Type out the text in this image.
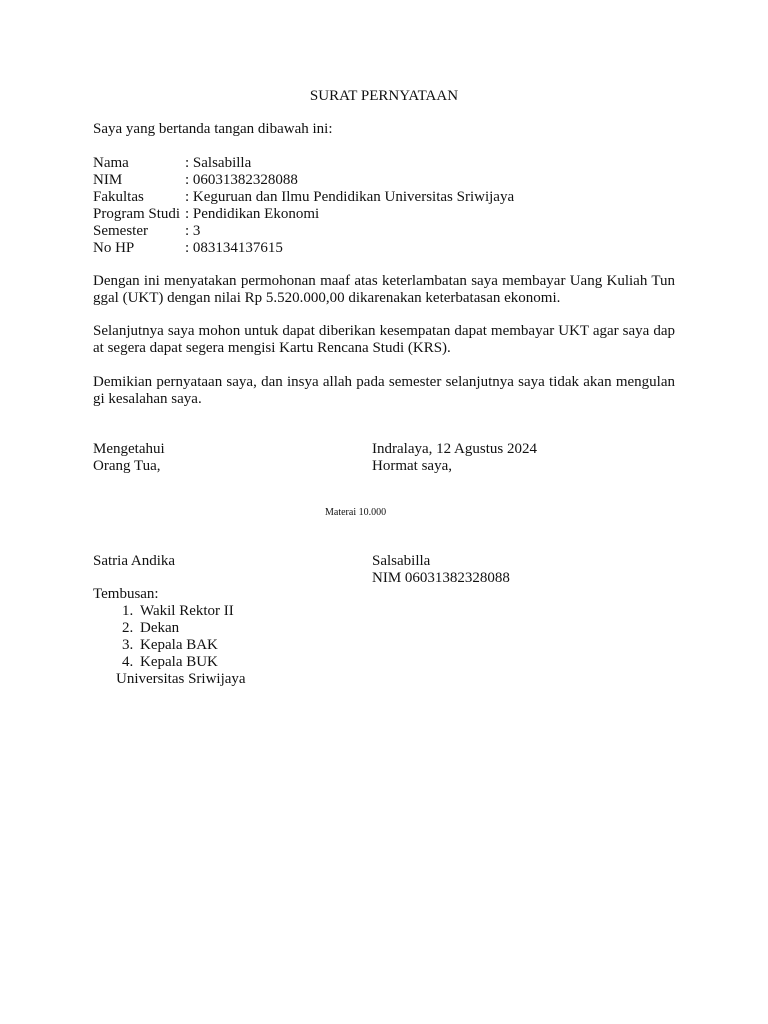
SURAT PERNYATAAN
Saya yang bertanda tangan dibawah ini:
Nama	: Salsabilla
NIM	: 06031382328088
Fakultas	: Keguruan dan Ilmu Pendidikan Universitas Sriwijaya
Program Studi : Pendidikan Ekonomi
Semester	: 3
No HP	: 083134137615
Dengan ini menyatakan permohonan maaf atas keterlambatan saya membayar Uang Kuliah Tunggal (UKT) dengan nilai Rp 5.520.000,00 dikarenakan keterbatasan ekonomi.
Selanjutnya saya mohon untuk dapat diberikan kesempatan dapat membayar UKT agar saya dapat segera dapat segera mengisi Kartu Rencana Studi (KRS).
Demikian pernyataan saya, dan insya allah pada semester selanjutnya saya tidak akan mengulangi kesalahan saya.
Mengetahui
Orang Tua,
Indralaya, 12 Agustus 2024
Hormat saya,
Materai 10.000
Satria Andika	Salsabilla
NIM 06031382328088
Tembusan:
1. Wakil Rektor II
2. Dekan
3. Kepala BAK
4. Kepala BUK
Universitas Sriwijaya
